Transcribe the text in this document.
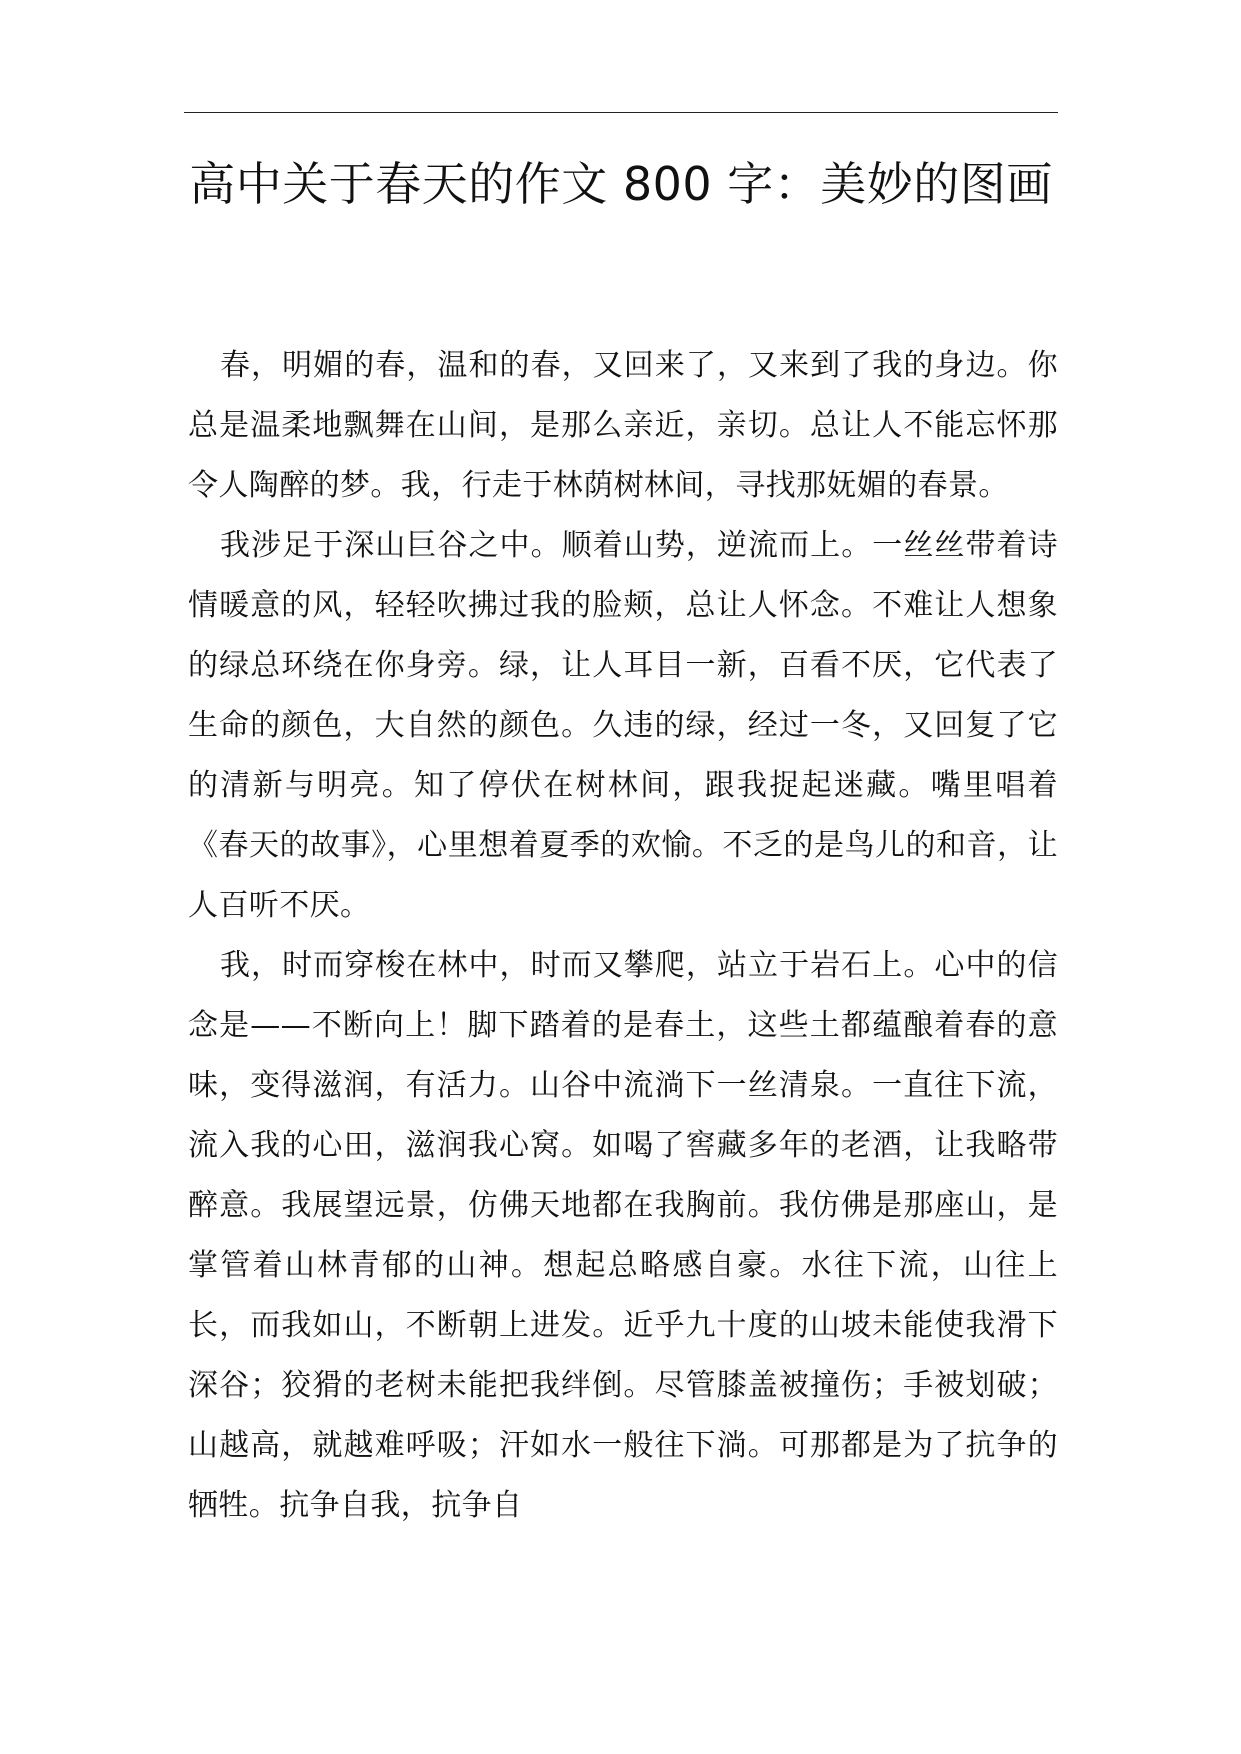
高中关于春天的作文 800 字：美妙的图画

春，明媚的春，温和的春，又回来了，又来到了我的身边。你总是温柔地飘舞在山间，是那么亲近，亲切。总让人不能忘怀那令人陶醉的梦。我，行走于林荫树林间，寻找那妩媚的春景。

我涉足于深山巨谷之中。顺着山势，逆流而上。一丝丝带着诗情暖意的风，轻轻吹拂过我的脸颊，总让人怀念。不难让人想象的绿总环绕在你身旁。绿，让人耳目一新，百看不厌，它代表了生命的颜色，大自然的颜色。久违的绿，经过一冬，又回复了它的清新与明亮。知了停伏在树林间，跟我捉起迷藏。嘴里唱着《春天的故事》，心里想着夏季的欢愉。不乏的是鸟儿的和音，让人百听不厌。

我，时而穿梭在林中，时而又攀爬，站立于岩石上。心中的信念是——不断向上！脚下踏着的是春土，这些土都蕴酿着春的意味，变得滋润，有活力。山谷中流淌下一丝清泉。一直往下流，流入我的心田，滋润我心窝。如喝了窖藏多年的老酒，让我略带醉意。我展望远景，仿佛天地都在我胸前。我仿佛是那座山，是掌管着山林青郁的山神。想起总略感自豪。水往下流，山往上长，而我如山，不断朝上进发。近乎九十度的山坡未能使我滑下深谷；狡猾的老树未能把我绊倒。尽管膝盖被撞伤；手被划破；山越高，就越难呼吸；汗如水一般往下淌。可那都是为了抗争的牺牲。抗争自我，抗争自
